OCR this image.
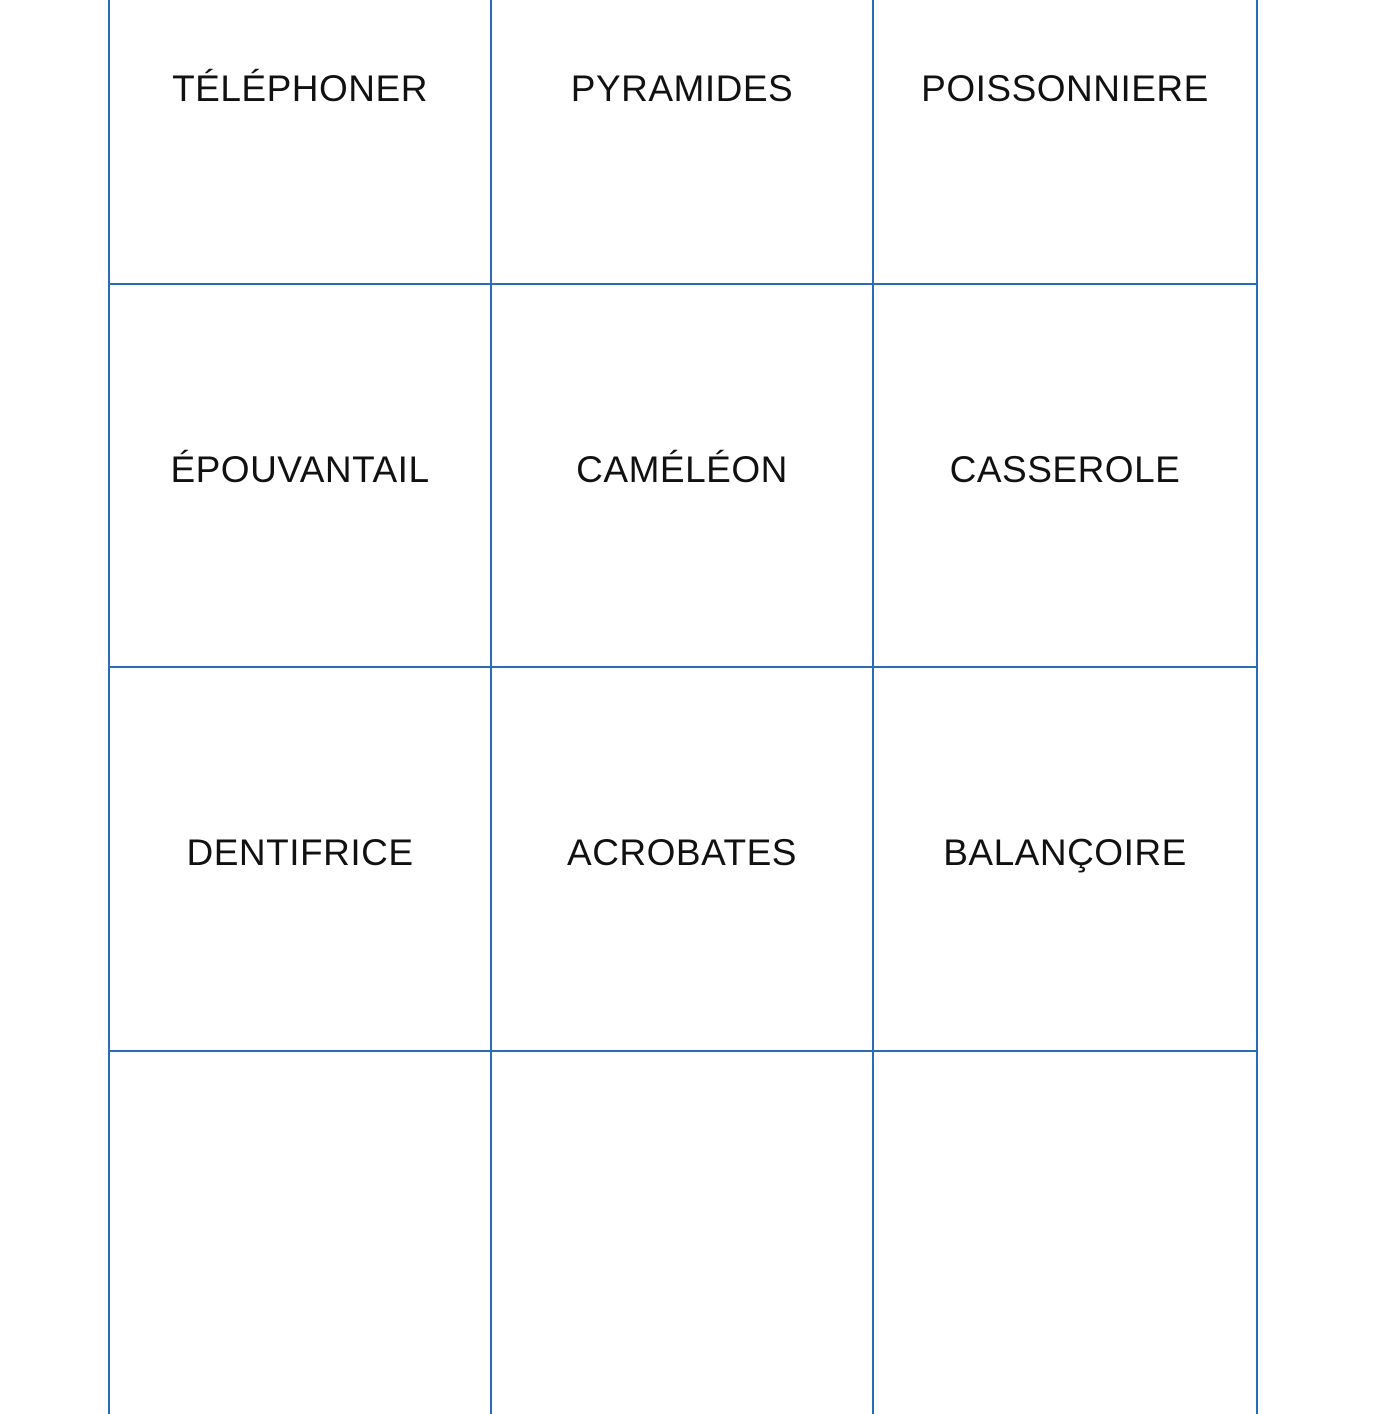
TÉLÉPHONER	PYRAMIDES	POISSONNIERE
ÉPOUVANTAIL	CAMÉLÉON	CASSEROLE
DENTIFRICE	ACROBATES	BALANÇOIRE
